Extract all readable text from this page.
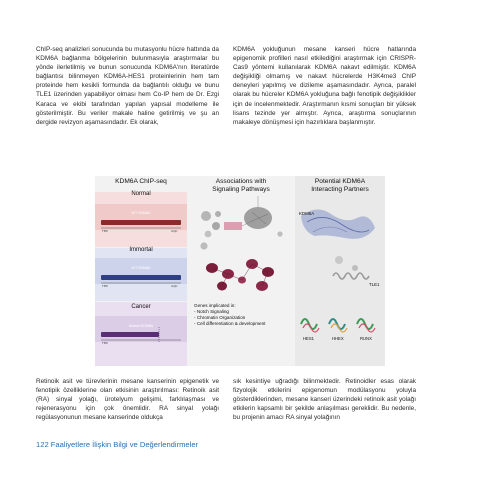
ChIP-seq analizleri sonucunda bu mutasyonlu hücre hattında da KDM6A bağlanma bölgelerinin bulunmasıyla araştırmalar bu yönde ilerletilmiş ve bunun sonucunda KDM6A'nın literatürde bağlantısı bilinmeyen KDM6A-HES1 proteinlerinin hem tam proteinde hem kesikli formunda da bağlantılı olduğu ve bunu TLE1 üzerinden yapabiliyor olması hem Co-IP hem de Dr. Ezgi Karaca ve ekibi tarafından yapılan yapısal modelleme ile gösterilmiştir. Bu veriler makale haline getirilmiş ve şu an dergide revizyon aşamasındadır. Ek olarak,

KDM6A yokluğunun mesane kanseri hücre hatlarında epigenomik profilleri nasıl etkilediğini araştırmak için CRISPR-Cas9 yöntemi kullanılarak KDM6A nakavt edilmiştir. KDM6A değişikliği olmamış ve nakavt hücrelerde H3K4me3 ChIP deneyleri yapılmış ve dizileme aşamasındadır. Ayrıca, paralel olarak bu hücreler KDM6A yokluğuna bağlı fenotipik değişiklikler için de incelenmektedir. Araştırmanın kısmi sonuçları bir yüksek lisans tezinde yer almıştır. Ayrıca, araştırma sonuçlarının makaleye dönüşmesi için hazırlıklara başlanmıştır.

KDM6A ChIP-seq
Normal
WT KDM6A
Immortal
WT KDM6A
Cancer
Mutant KDM6A
TPR	JmjC
TPR	JmjC
TPR
Associations with
Signaling Pathways
Genes implicated in:
- Notch Signaling
- Chromatin Organization
- Cell differentiation & development
Potential KDM6A
Interacting Partners
KDM6A
TLE1
HES1	HHEX	RUNX

Retinoik asit ve türevlerinin mesane kanserinin epigenetik ve fenotipik özelliklerine olan etkisinin araştırılması: Retinoik asit (RA) sinyal yolağı, ürotelyum gelişimi, farklılaşması ve rejenerasyonu için çok önemlidir. RA sinyal yolağı regülasyonunun mesane kanserinde oldukça

sık kesintiye uğradığı bilinmektedir. Retinoidler esas olarak fizyolojik etkilerini epigenomun modülasyonu yoluyla gösterdiklerinden, mesane kanseri üzerindeki retinoik asit yolağı etkilerin kapsamlı bir şekilde anlaşılması gereklidir. Bu nedenle, bu projenin amacı RA sinyal yolağının

122 Faaliyetlere İlişkin Bilgi ve Değerlendirmeler
